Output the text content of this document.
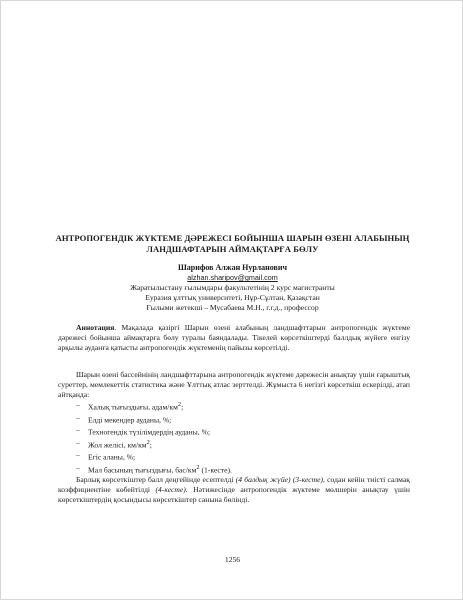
АНТРОПОГЕНДІК ЖҮКТЕМЕ ДӘРЕЖЕСІ БОЙЫНША ШАРЫН ӨЗЕНІ АЛАБЫНЫҢ
ЛАНДШАФТАРЫН АЙМАҚТАРҒА БӨЛУ
Шарифов Алжан Нурланович
alzhan.sharipov@gmail.com
Жаратылыстану ғылымдары факультетінің 2 курс магистранты
Еуразия ұлттық университеті, Нұр-Сұлтан, Қазақстан
Ғылыми жетекші – Мусабаева М.Н., г.г.д., профессор
Аннотация. Мақалада қазіргі Шарын өзені алабының ландшафттарын антропогендік жүктеме дәрежесі бойынша аймақтарға бөлу туралы баяндалады. Тікелей көрсеткіштерді баллдық жүйеге енгізу арқылы ауданға қатысты антропогендік жүктеменің пайызы көрсетілді.

Шарын өзені бассейнінің ландшафттарына антропогендік жүктеме дәрежесін анықтау үшін ғарыштық суреттер, мемлекеттік статистика және Ұлттық атлас зерттелді. Жұмыста 6 негізгі көрсеткіш ескерілді, атап айтқанда:

– Халық тығыздығы, адам/$км^2$;
– Елді мекендер ауданы, %;
– Техногендік түзілімдердің ауданы, %;
– Жол желісі, $км/км^2$;
– Егіс аланы, %;
– Мал басының тығыздығы, бас/$км^2$ (1-кесте).

Барлық көрсеткіштер балл деңгейінде есептелді (4 балдық жүйе) (3-кесте), содан кейін тиісті салмақ коэффициентіне көбейтілді (4-кесте). Нәтижесінде антропогендік жүктеме мөлшерін анықтау үшін көрсеткіштердің қосындысы көрсеткіштер санына бөлінді.

1256
